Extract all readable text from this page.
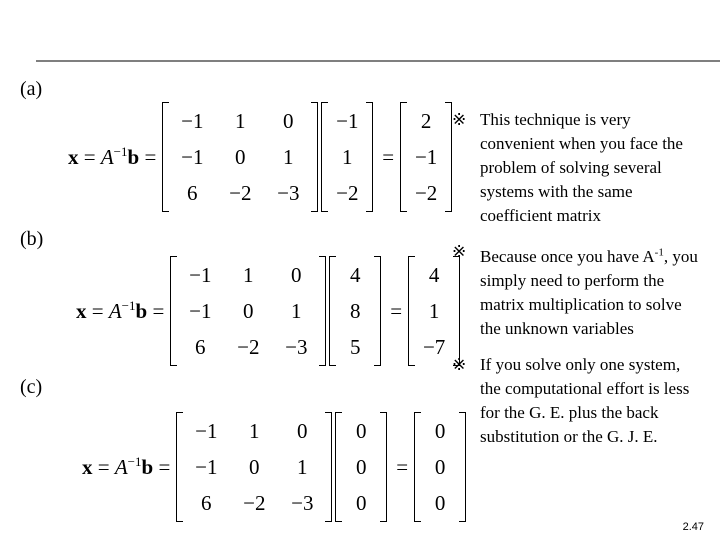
(a)
$x = A^{-1}b$ =
−1	1	0
−1	0	1
6	−2	−3
−1
1
−2
=
2
−1
−2
(b)
$x = A^{-1}b$ =
−1	1	0
−1	0	1
6	−2	−3
4
8
5
=
4
1
−7
(c)
$x = A^{-1}b$ =
−1	1	0
−1	0	1
6	−2	−3
0
0
0
=
0
0
0
※ This technique is very convenient when you face the problem of solving several systems with the same coefficient matrix
※ Because once you have $A^{-1}$, you simply need to perform the matrix multiplication to solve the unknown variables
※ If you solve only one system, the computational effort is less for the G. E. plus the back substitution or the G. J. E.
2.47
